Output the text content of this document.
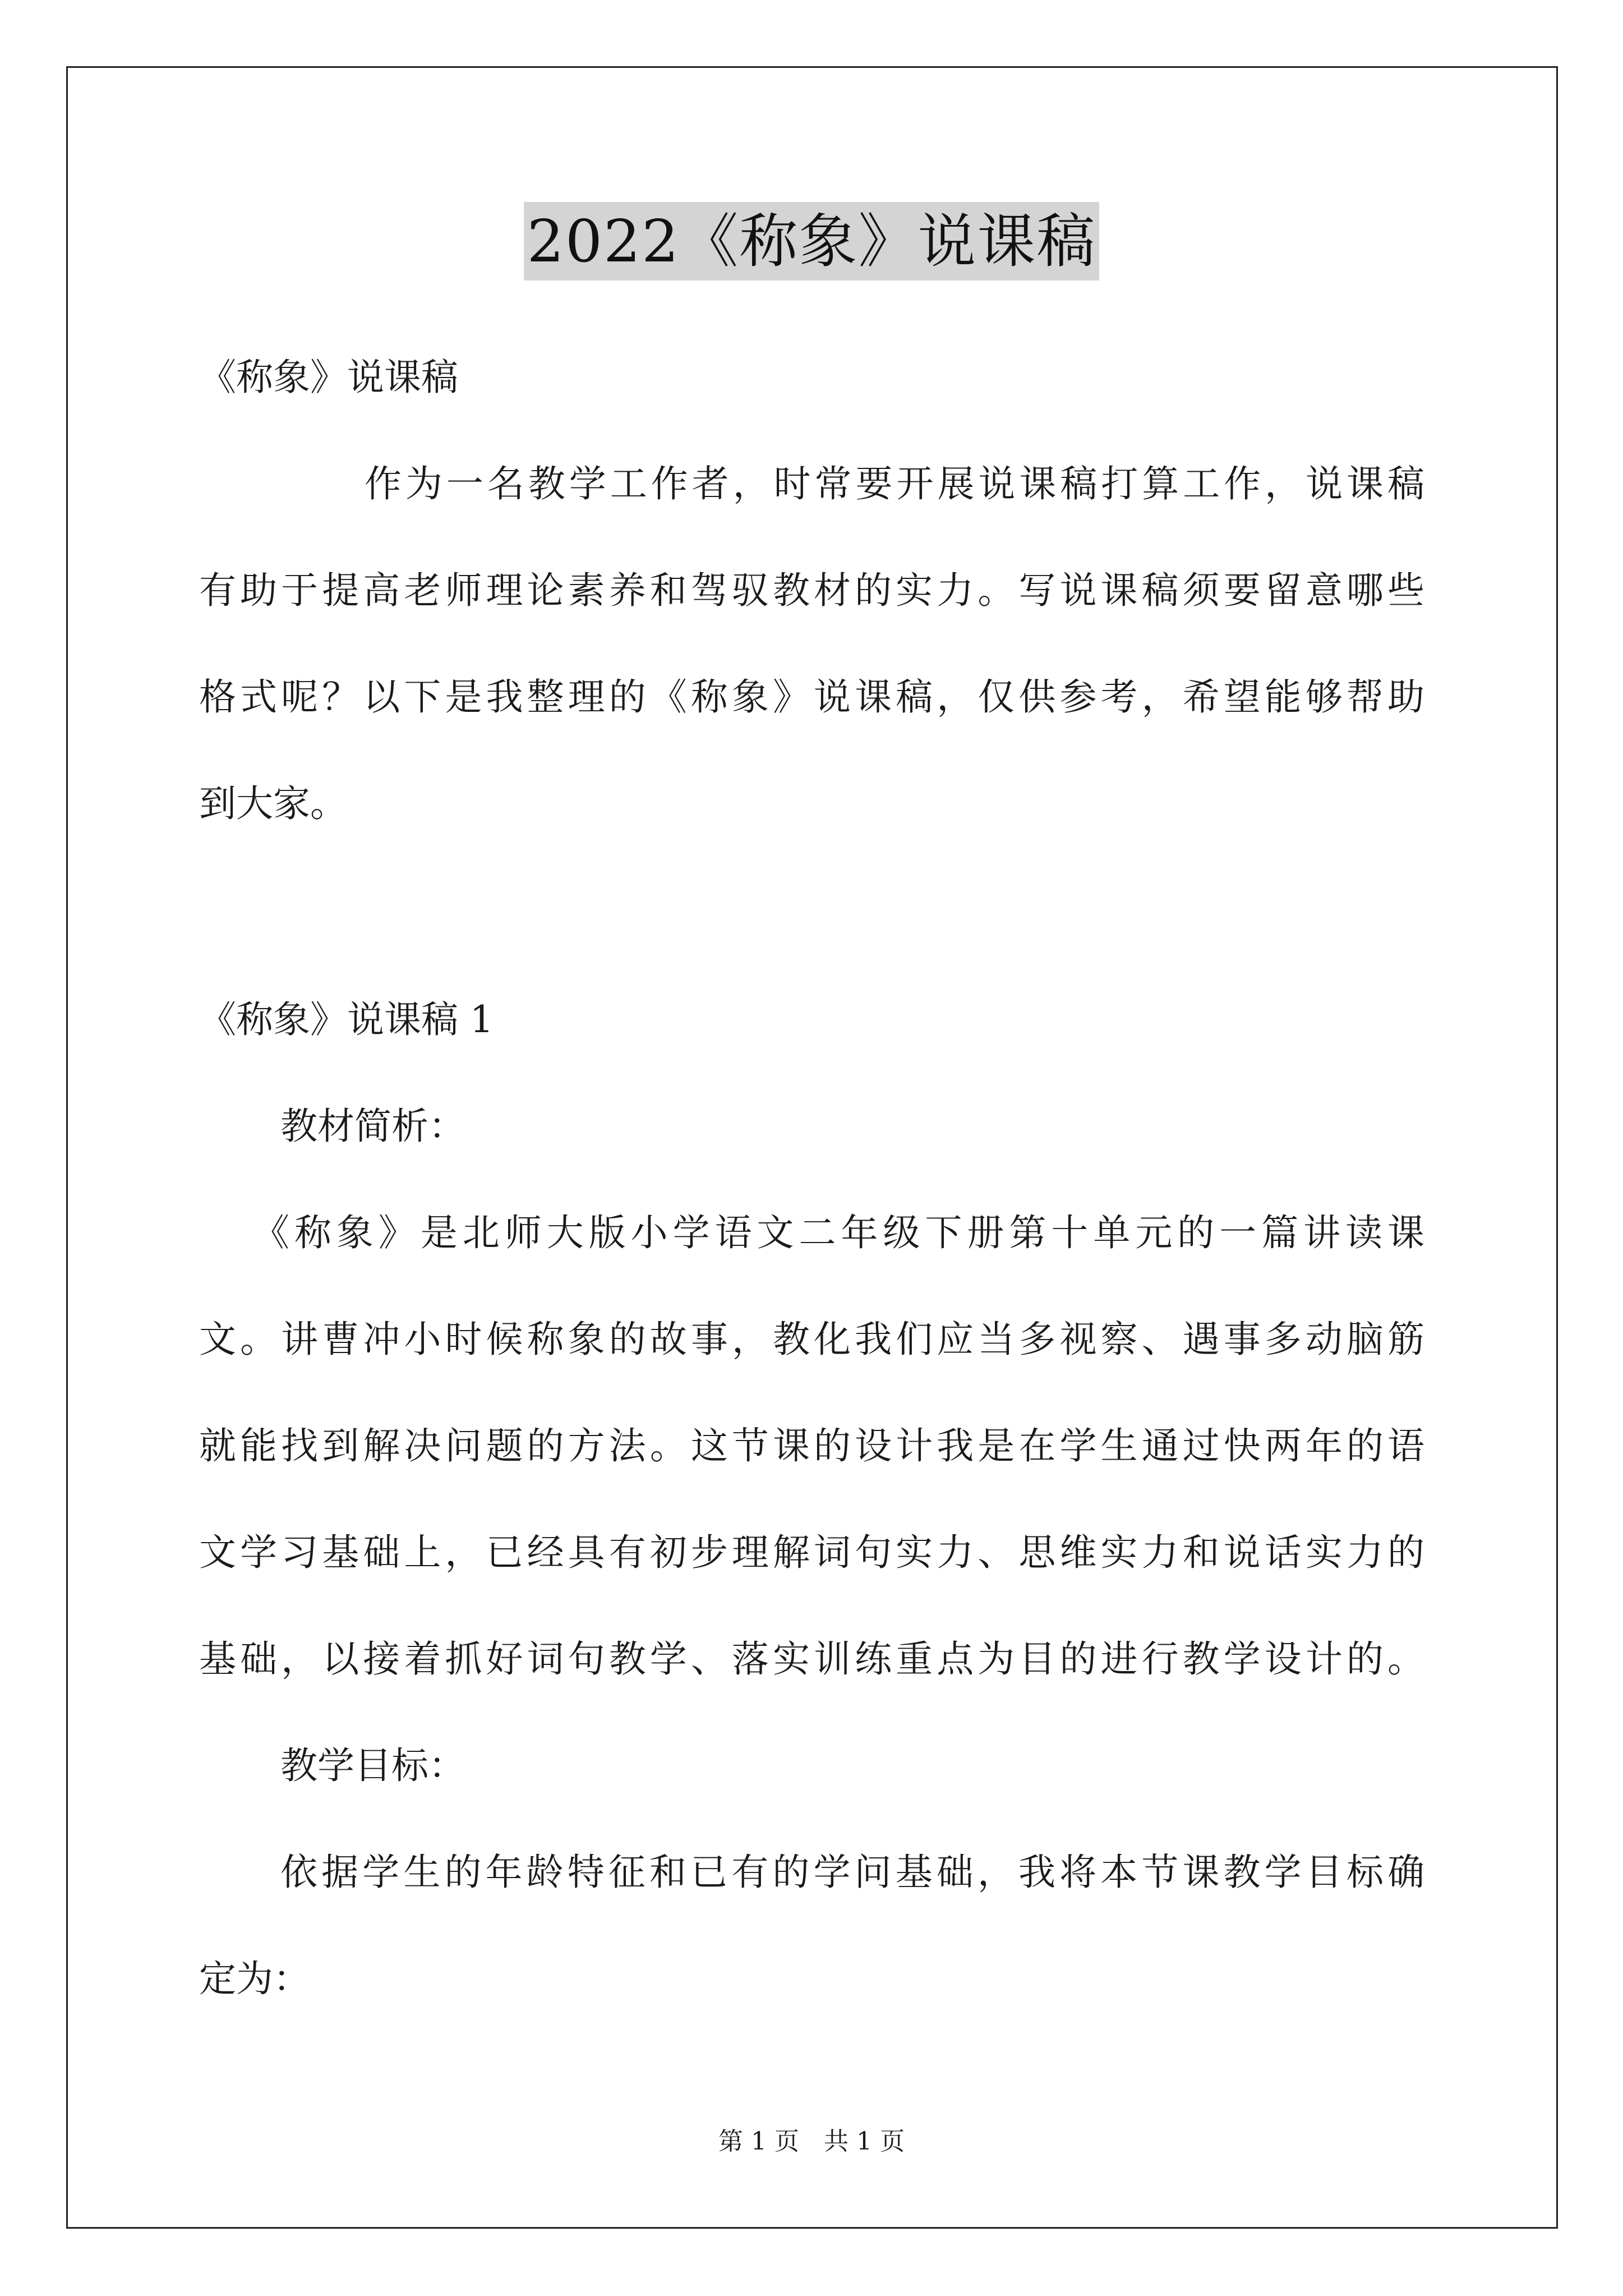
2022《称象》说课稿
《称象》说课稿
作为一名教学工作者，时常要开展说课稿打算工作，说课稿
有助于提高老师理论素养和驾驭教材的实力。写说课稿须要留意哪些
格式呢？以下是我整理的《称象》说课稿，仅供参考，希望能够帮助
到大家。
《称象》说课稿 1
教材简析：
《称象》是北师大版小学语文二年级下册第十单元的一篇讲读课
文。讲曹冲小时候称象的故事，教化我们应当多视察、遇事多动脑筋
就能找到解决问题的方法。这节课的设计我是在学生通过快两年的语
文学习基础上，已经具有初步理解词句实力、思维实力和说话实力的
基础，以接着抓好词句教学、落实训练重点为目的进行教学设计的。
教学目标：
依据学生的年龄特征和已有的学问基础，我将本节课教学目标确
定为：
第 1 页 共 1 页
